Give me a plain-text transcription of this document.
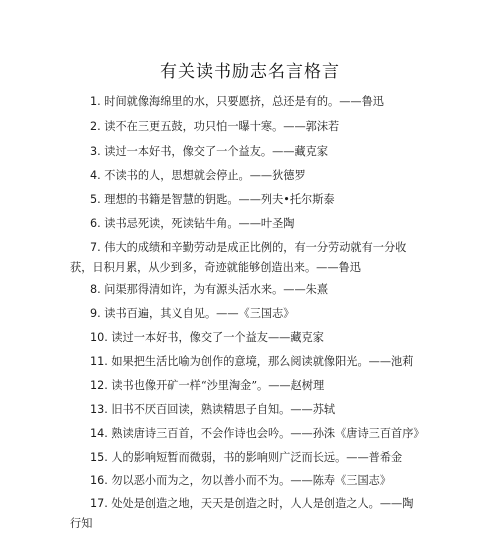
有关读书励志名言格言
1. 时间就像海绵里的水，只要愿挤，总还是有的。——鲁迅
2. 读不在三更五鼓，功只怕一曝十寒。——郭沫若
3. 读过一本好书，像交了一个益友。——藏克家
4. 不读书的人，思想就会停止。——狄德罗
5. 理想的书籍是智慧的钥匙。——列夫•托尔斯泰
6. 读书忌死读，死读钻牛角。——叶圣陶
7. 伟大的成绩和辛勤劳动是成正比例的，有一分劳动就有一分收
获，日积月累，从少到多，奇迹就能够创造出来。——鲁迅
8. 问渠那得清如许，为有源头活水来。——朱熹
9. 读书百遍，其义自见。——《三国志》
10. 读过一本好书，像交了一个益友——藏克家
11. 如果把生活比喻为创作的意境，那么阅读就像阳光。——池莉
12. 读书也像开矿一样“沙里淘金”。——赵树理
13. 旧书不厌百回读，熟读精思子自知。——苏轼
14. 熟读唐诗三百首，不会作诗也会吟。——孙洙《唐诗三百首序》
15. 人的影响短暂而微弱，书的影响则广泛而长远。——普希金
16. 勿以恶小而为之，勿以善小而不为。——陈寿《三国志》
17. 处处是创造之地，天天是创造之时，人人是创造之人。——陶
行知
